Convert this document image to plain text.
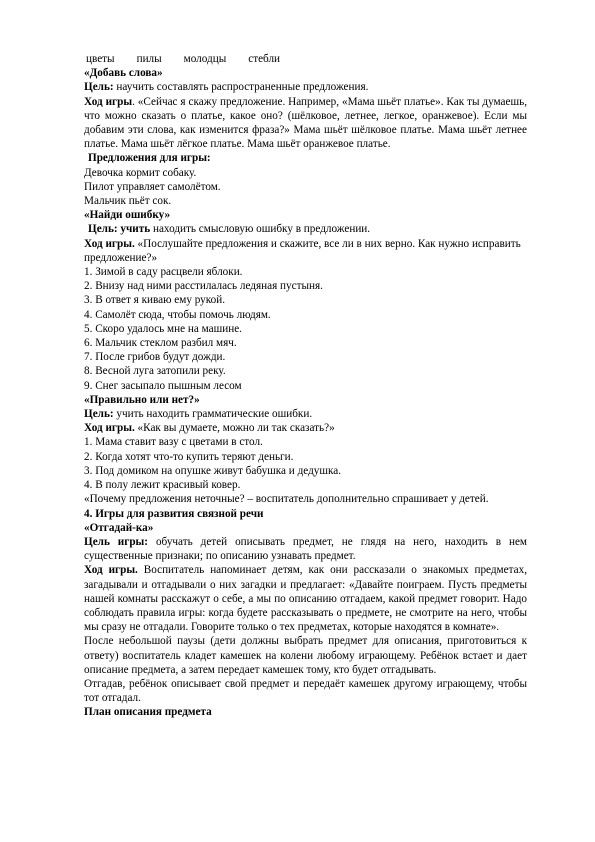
цветы пилы молодцы стебли

«Добавь слова»

Цель: научить составлять распространенные предложения.

Ход игры. «Сейчас я скажу предложение. Например, «Мама шьёт платье». Как ты думаешь, что можно сказать о платье, какое оно? (шёлковое, летнее, легкое, оранжевое). Если мы добавим эти слова, как изменится фраза?» Мама шьёт шёлковое платье. Мама шьёт летнее платье. Мама шьёт лёгкое платье. Мама шьёт оранжевое платье.

Предложения для игры:

Девочка кормит собаку.

Пилот управляет самолётом.

Мальчик пьёт сок.

«Найди ошибку»

Цель: учить находить смысловую ошибку в предложении.

Ход игры. «Послушайте предложения и скажите, все ли в них верно. Как нужно исправить предложение?»

1. Зимой в саду расцвели яблоки.

2. Внизу над ними расстилалась ледяная пустыня.

3. В ответ я киваю ему рукой.

4. Самолёт сюда, чтобы помочь людям.

5. Скоро удалось мне на машине.

6. Мальчик стеклом разбил мяч.

7. После грибов будут дожди.

8. Весной луга затопили реку.

9. Снег засыпало пышным лесом

«Правильно или нет?»

Цель: учить находить грамматические ошибки.

Ход игры. «Как вы думаете, можно ли так сказать?»

1. Мама ставит вазу с цветами в стол.

2. Когда хотят что-то купить теряют деньги.

3. Под домиком на опушке живут бабушка и дедушка.

4. В полу лежит красивый ковер.

«Почему предложения неточные? – воспитатель дополнительно спрашивает у детей.

4. Игры для развития связной речи

«Отгадай-ка»

Цель игры: обучать детей описывать предмет, не глядя на него, находить в нем существенные признаки; по описанию узнавать предмет.

Ход игры. Воспитатель напоминает детям, как они рассказали о знакомых предметах, загадывали и отгадывали о них загадки и предлагает: «Давайте поиграем. Пусть предметы нашей комнаты расскажут о себе, а мы по описанию отгадаем, какой предмет говорит. Надо соблюдать правила игры: когда будете рассказывать о предмете, не смотрите на него, чтобы мы сразу не отгадали. Говорите только о тех предметах, которые находятся в комнате».

После небольшой паузы (дети должны выбрать предмет для описания, приготовиться к ответу) воспитатель кладет камешек на колени любому играющему. Ребёнок встает и дает описание предмета, а затем передает камешек тому, кто будет отгадывать.

Отгадав, ребёнок описывает свой предмет и передаёт камешек другому играющему, чтобы тот отгадал.

План описания предмета
